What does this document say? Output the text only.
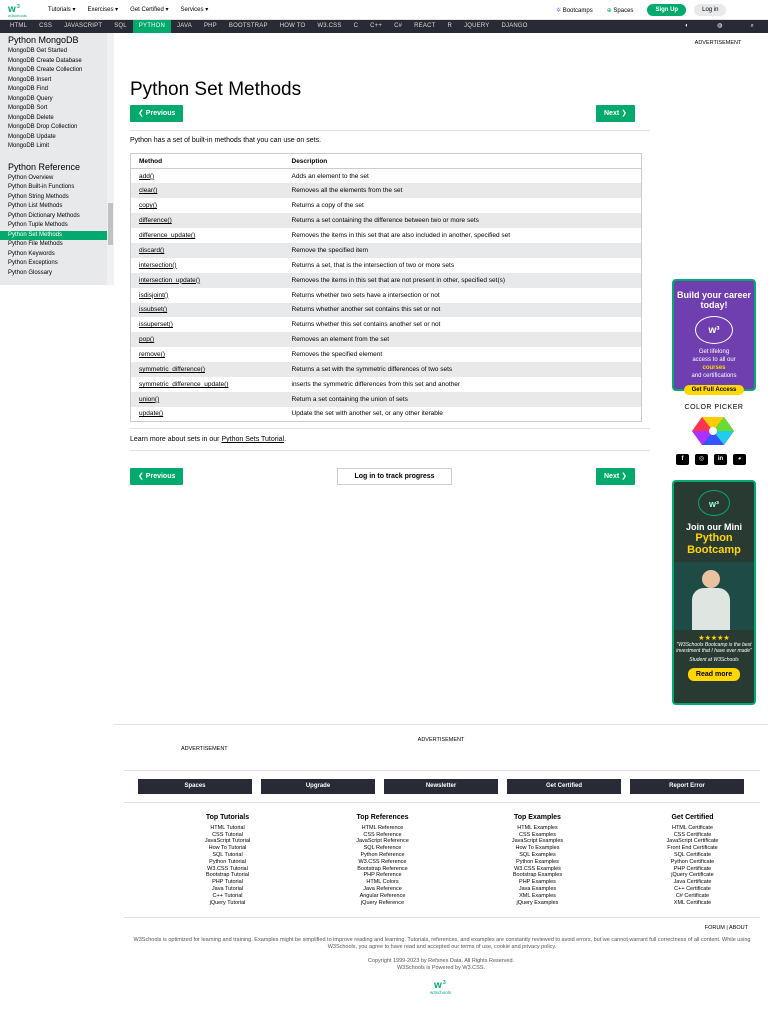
w 3
w3schools
Tutorials ▾ Exercises ▾ Get Certified ▾ Services ▾	✲ Bootcamps ⊕ Spaces	Sign Up	Log in
HTML	CSS	JAVASCRIPT	SQL	PYTHON	JAVA	PHP	BOOTSTRAP	HOW TO	W3.CSS	C	C++	C#	REACT	R	JQUERY	DJANGO	◐	◍	⌕
Python MongoDB
MongoDB Get Started
MongoDB Create Database
MongoDB Create Collection
MongoDB Insert
MongoDB Find
MongoDB Query
MongoDB Sort
MongoDB Delete
MongoDB Drop Collection
MongoDB Update
MongoDB Limit
Python Reference
Python Overview
Python Built-in Functions
Python String Methods
Python List Methods
Python Dictionary Methods
Python Tuple Methods
Python Set Methods
Python File Methods
Python Keywords
Python Exceptions
Python Glossary
Python Set Methods
❮ Previous	Next ❯
Python has a set of built-in methods that you can use on sets.
Method	Description
add()	Adds an element to the set
clear()	Removes all the elements from the set
copy()	Returns a copy of the set
difference()	Returns a set containing the difference between two or more sets
difference_update()	Removes the items in this set that are also included in another, specified set
discard()	Remove the specified item
intersection()	Returns a set, that is the intersection of two or more sets
intersection_update()	Removes the items in this set that are not present in other, specified set(s)
isdisjoint()	Returns whether two sets have a intersection or not
issubset()	Returns whether another set contains this set or not
issuperset()	Returns whether this set contains another set or not
pop()	Removes an element from the set
remove()	Removes the specified element
symmetric_difference()	Returns a set with the symmetric differences of two sets
symmetric_difference_update()	inserts the symmetric differences from this set and another
union()	Return a set containing the union of sets
update()	Update the set with another set, or any other iterable
Learn more about sets in our Python Sets Tutorial.
❮ Previous	Log in to track progress	Next ❯
ADVERTISEMENT
Build your career today!
w³
Get lifelong
access to all our
courses
and certifications
Get Full Access
COLOR PICKER
f	◎	in	◕
w³
Join our Mini
Python
Bootcamp
★★★★★
"W3Schools Bootcamp is the best investment that I have ever made"
Student at W3Schools
Read more
ADVERTISEMENT
ADVERTISEMENT
Spaces	Upgrade	Newsletter	Get Certified	Report Error
Top Tutorials
HTML Tutorial
CSS Tutorial
JavaScript Tutorial
How To Tutorial
SQL Tutorial
Python Tutorial
W3.CSS Tutorial
Bootstrap Tutorial
PHP Tutorial
Java Tutorial
C++ Tutorial
jQuery Tutorial
Top References
HTML Reference
CSS Reference
JavaScript Reference
SQL Reference
Python Reference
W3.CSS Reference
Bootstrap Reference
PHP Reference
HTML Colors
Java Reference
Angular Reference
jQuery Reference
Top Examples
HTML Examples
CSS Examples
JavaScript Examples
How To Examples
SQL Examples
Python Examples
W3.CSS Examples
Bootstrap Examples
PHP Examples
Java Examples
XML Examples
jQuery Examples
Get Certified
HTML Certificate
CSS Certificate
JavaScript Certificate
Front End Certificate
SQL Certificate
Python Certificate
PHP Certificate
jQuery Certificate
Java Certificate
C++ Certificate
C# Certificate
XML Certificate
FORUM | ABOUT
W3Schools is optimized for learning and training. Examples might be simplified to improve reading and learning. Tutorials, references, and examples are constantly reviewed to avoid errors, but we cannot warrant full correctness of all content. While using W3Schools, you agree to have read and accepted our terms of use, cookie and privacy policy.
Copyright 1999-2023 by Refsnes Data. All Rights Reserved.
W3Schools is Powered by W3.CSS.
w 3
w3schools
